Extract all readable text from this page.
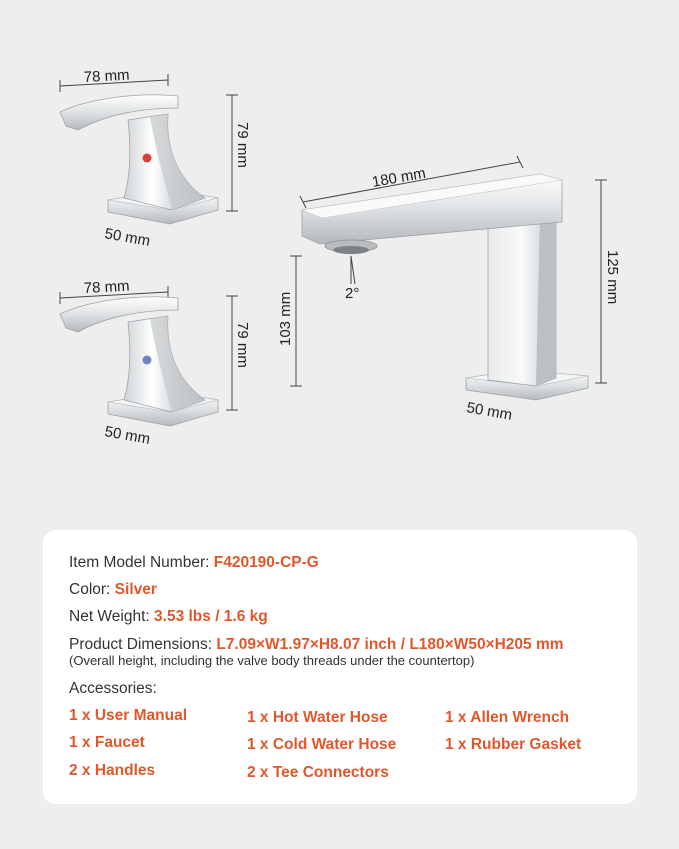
78 mm
79 mm
50 mm
78 mm
79 mm
50 mm
180 mm
125 mm
103 mm	2°
50 mm
Item Model Number: F420190-CP-G
Color: Silver
Net Weight: 3.53 lbs / 1.6 kg
Product Dimensions: L7.09×W1.97×H8.07 inch / L180×W50×H205 mm
(Overall height, including the valve body threads under the countertop)
Accessories:
1 x User Manual
1 x Faucet
2 x Handles
1 x Hot Water Hose
1 x Cold Water Hose
2 x Tee Connectors
1 x Allen Wrench
1 x Rubber Gasket
